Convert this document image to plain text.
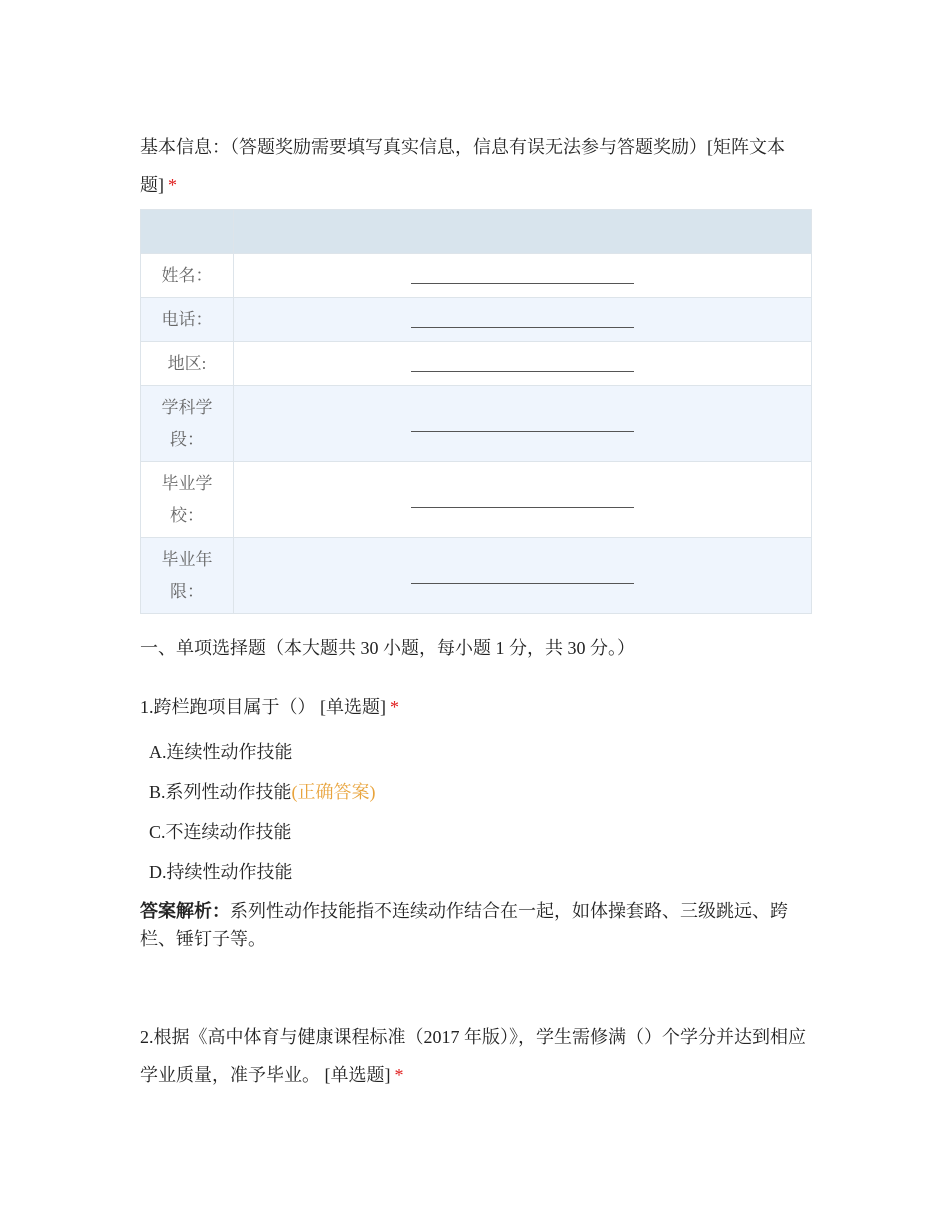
基本信息：（答题奖励需要填写真实信息，信息有误无法参与答题奖励）[矩阵文本题] *

姓名：	
电话：	
地区:	
学科学段：	
毕业学校：	
毕业年限：	
一、单项选择题（本大题共 30 小题，每小题 1 分，共 30 分。）
1.跨栏跑项目属于（） [单选题] *
A.连续性动作技能
B.系列性动作技能(正确答案)
C.不连续动作技能
D.持续性动作技能
答案解析：系列性动作技能指不连续动作结合在一起，如体操套路、三级跳远、跨栏、锤钉子等。
2.根据《高中体育与健康课程标准（2017 年版）》，学生需修满（）个学分并达到相应学业质量，准予毕业。 [单选题] *
